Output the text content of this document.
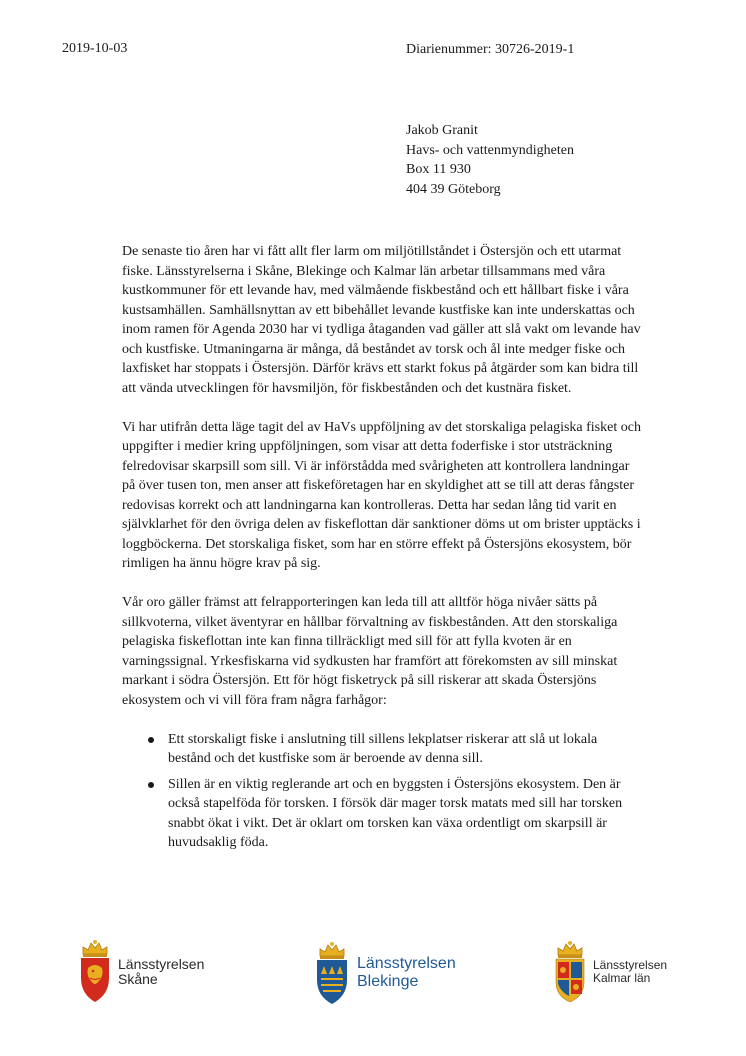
2019-10-03	Diarienummer: 30726-2019-1
Jakob Granit
Havs- och vattenmyndigheten
Box 11 930
404 39 Göteborg

De senaste tio åren har vi fått allt fler larm om miljötillståndet i Östersjön och ett utarmat fiske. Länsstyrelserna i Skåne, Blekinge och Kalmar län arbetar tillsammans med våra kustkommuner för ett levande hav, med välmående fiskbestånd och ett hållbart fiske i våra kustsamhällen. Samhällsnyttan av ett bibehållet levande kustfiske kan inte underskattas och inom ramen för Agenda 2030 har vi tydliga åtaganden vad gäller att slå vakt om levande hav och kustfiske. Utmaningarna är många, då beståndet av torsk och ål inte medger fiske och laxfisket har stoppats i Östersjön. Därför krävs ett starkt fokus på åtgärder som kan bidra till att vända utvecklingen för havsmiljön, för fiskbestånden och det kustnära fisket.

Vi har utifrån detta läge tagit del av HaVs uppföljning av det storskaliga pelagiska fisket och uppgifter i medier kring uppföljningen, som visar att detta foderfiske i stor utsträckning felredovisar skarpsill som sill. Vi är införstådda med svårigheten att kontrollera landningar på över tusen ton, men anser att fiskeföretagen har en skyldighet att se till att deras fångster redovisas korrekt och att landningarna kan kontrolleras. Detta har sedan lång tid varit en självklarhet för den övriga delen av fiskeflottan där sanktioner döms ut om brister upptäcks i loggböckerna. Det storskaliga fisket, som har en större effekt på Östersjöns ekosystem, bör rimligen ha ännu högre krav på sig.

Vår oro gäller främst att felrapporteringen kan leda till att alltför höga nivåer sätts på sillkvoterna, vilket äventyrar en hållbar förvaltning av fiskbestånden. Att den storskaliga pelagiska fiskeflottan inte kan finna tillräckligt med sill för att fylla kvoten är en varningssignal. Yrkesfiskarna vid sydkusten har framfört att förekomsten av sill minskat markant i södra Östersjön. Ett för högt fisketryck på sill riskerar att skada Östersjöns ekosystem och vi vill föra fram några farhågor:

Ett storskaligt fiske i anslutning till sillens lekplatser riskerar att slå ut lokala bestånd och det kustfiske som är beroende av denna sill.
Sillen är en viktig reglerande art och en byggsten i Östersjöns ekosystem. Den är också stapelföda för torsken. I försök där mager torsk matats med sill har torsken snabbt ökat i vikt. Det är oklart om torsken kan växa ordentligt om skarpsill är huvudsaklig föda.
Länsstyrelsen
Skåne
Länsstyrelsen
Blekinge
Länsstyrelsen
Kalmar län
